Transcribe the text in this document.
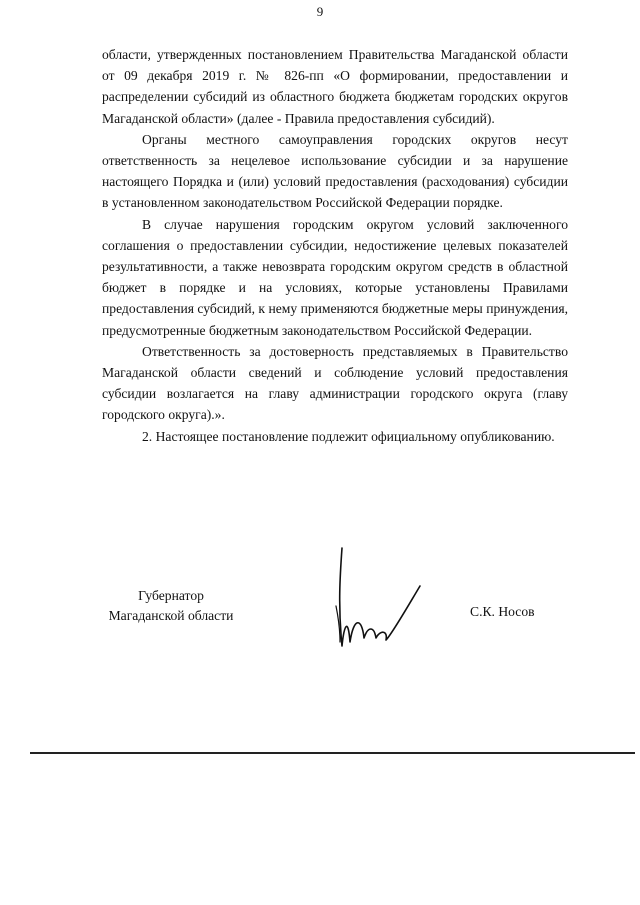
9

области, утвержденных постановлением Правительства Магаданской области от 09 декабря 2019 г. № 826-пп «О формировании, предоставлении и распределении субсидий из областного бюджета бюджетам городских округов Магаданской области» (далее - Правила предоставления субсидий).

Органы местного самоуправления городских округов несут ответственность за нецелевое использование субсидии и за нарушение настоящего Порядка и (или) условий предоставления (расходования) субсидии в установленном законодательством Российской Федерации порядке.

В случае нарушения городским округом условий заключенного соглашения о предоставлении субсидии, недостижение целевых показателей результативности, а также невозврата городским округом средств в областной бюджет в порядке и на условиях, которые установлены Правилами предоставления субсидий, к нему применяются бюджетные меры принуждения, предусмотренные бюджетным законодательством Российской Федерации.

Ответственность за достоверность представляемых в Правительство Магаданской области сведений и соблюдение условий предоставления субсидии возлагается на главу администрации городского округа (главу городского округа).».

2. Настоящее постановление подлежит официальному опубликованию.

Губернатор
Магаданской области	С.К. Носов
